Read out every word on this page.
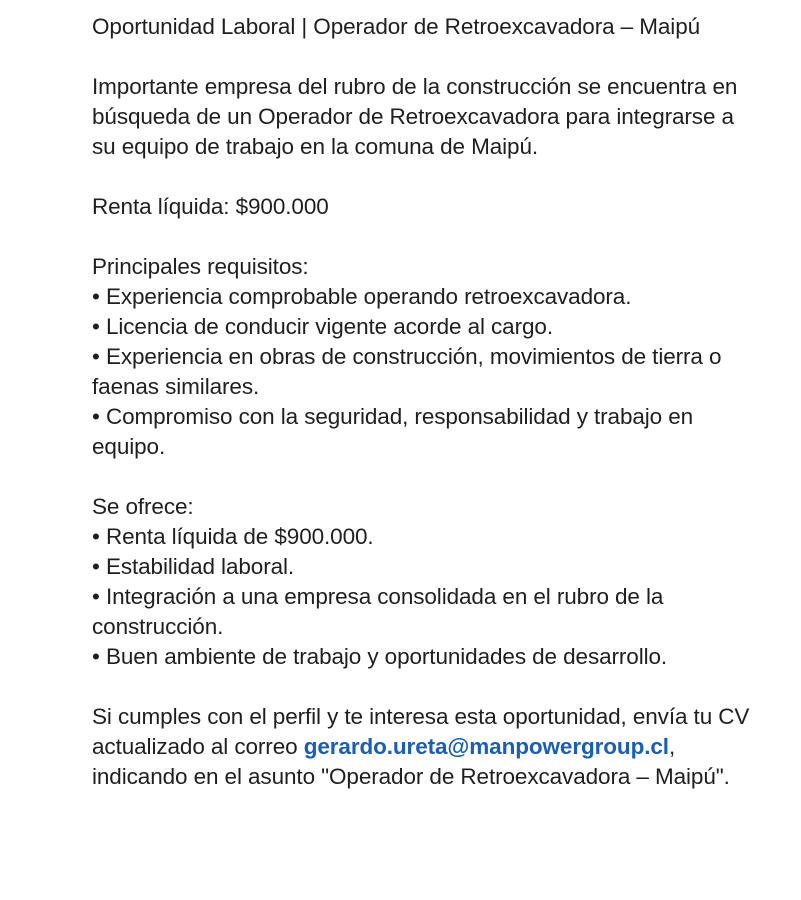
Oportunidad Laboral | Operador de Retroexcavadora – Maipú

Importante empresa del rubro de la construcción se encuentra en búsqueda de un Operador de Retroexcavadora para integrarse a su equipo de trabajo en la comuna de Maipú.

Renta líquida: $900.000

Principales requisitos:

• Experiencia comprobable operando retroexcavadora.
• Licencia de conducir vigente acorde al cargo.
• Experiencia en obras de construcción, movimientos de tierra o faenas similares.
• Compromiso con la seguridad, responsabilidad y trabajo en equipo.

Se ofrece:

• Renta líquida de $900.000.
• Estabilidad laboral.
• Integración a una empresa consolidada en el rubro de la construcción.
• Buen ambiente de trabajo y oportunidades de desarrollo.

Si cumples con el perfil y te interesa esta oportunidad, envía tu CV actualizado al correo gerardo.ureta@manpowergroup.cl, indicando en el asunto "Operador de Retroexcavadora – Maipú".
